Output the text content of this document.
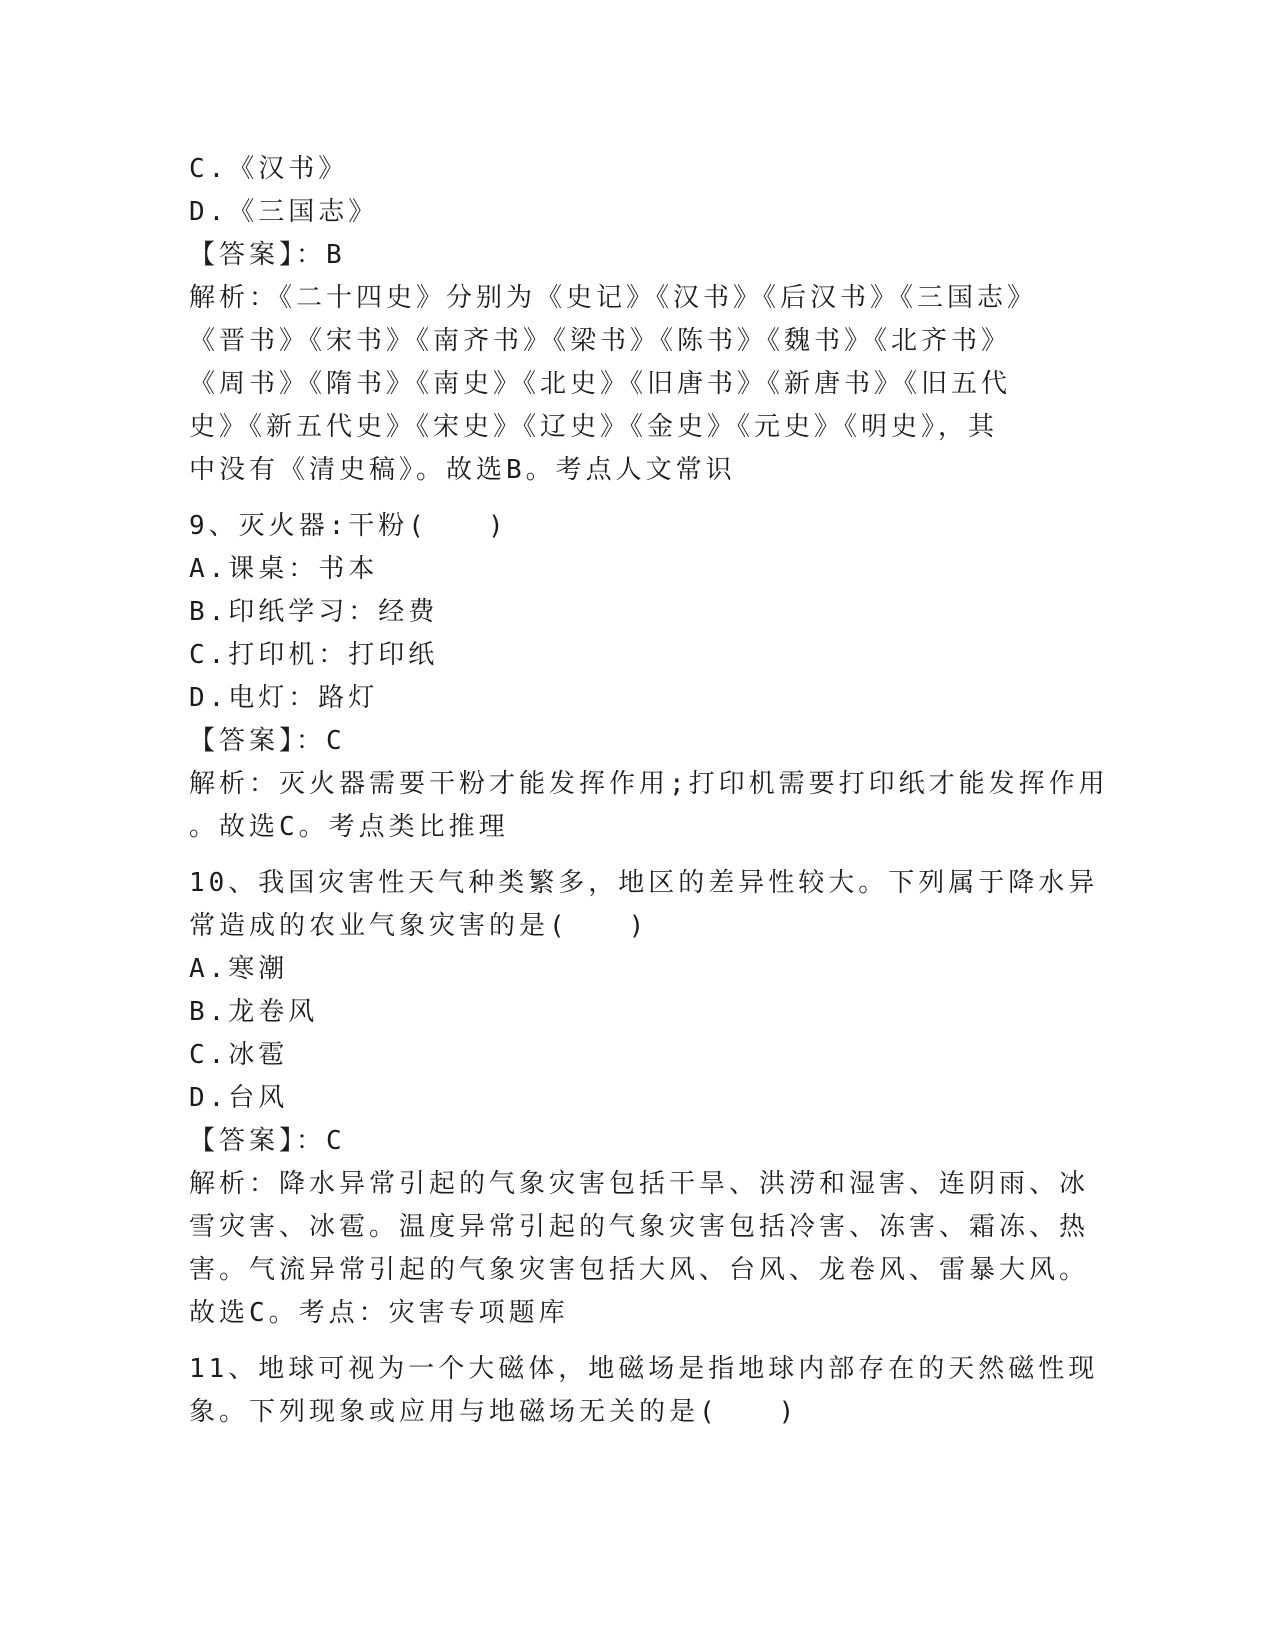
C.《汉书》

D.《三国志》

【答案】：B

解析：《二十四史》分别为《史记》《汉书》《后汉书》《三国志》

《晋书》《宋书》《南齐书》《梁书》《陈书》《魏书》《北齐书》

《周书》《隋书》《南史》《北史》《旧唐书》《新唐书》《旧五代

史》《新五代史》《宋史》《辽史》《金史》《元史》《明史》，其

中没有《清史稿》。故选B。考点人文常识

9、灭火器:干粉(　　)

A.课桌：书本

B.印纸学习：经费

C.打印机：打印纸

D.电灯：路灯

【答案】：C

解析：灭火器需要干粉才能发挥作用;打印机需要打印纸才能发挥作用

。故选C。考点类比推理

10、我国灾害性天气种类繁多，地区的差异性较大。下列属于降水异

常造成的农业气象灾害的是(　　)

A.寒潮

B.龙卷风

C.冰雹

D.台风

【答案】：C

解析：降水异常引起的气象灾害包括干旱、洪涝和湿害、连阴雨、冰

雪灾害、冰雹。温度异常引起的气象灾害包括冷害、冻害、霜冻、热

害。气流异常引起的气象灾害包括大风、台风、龙卷风、雷暴大风。

故选C。考点：灾害专项题库

11、地球可视为一个大磁体，地磁场是指地球内部存在的天然磁性现

象。下列现象或应用与地磁场无关的是(　　)
